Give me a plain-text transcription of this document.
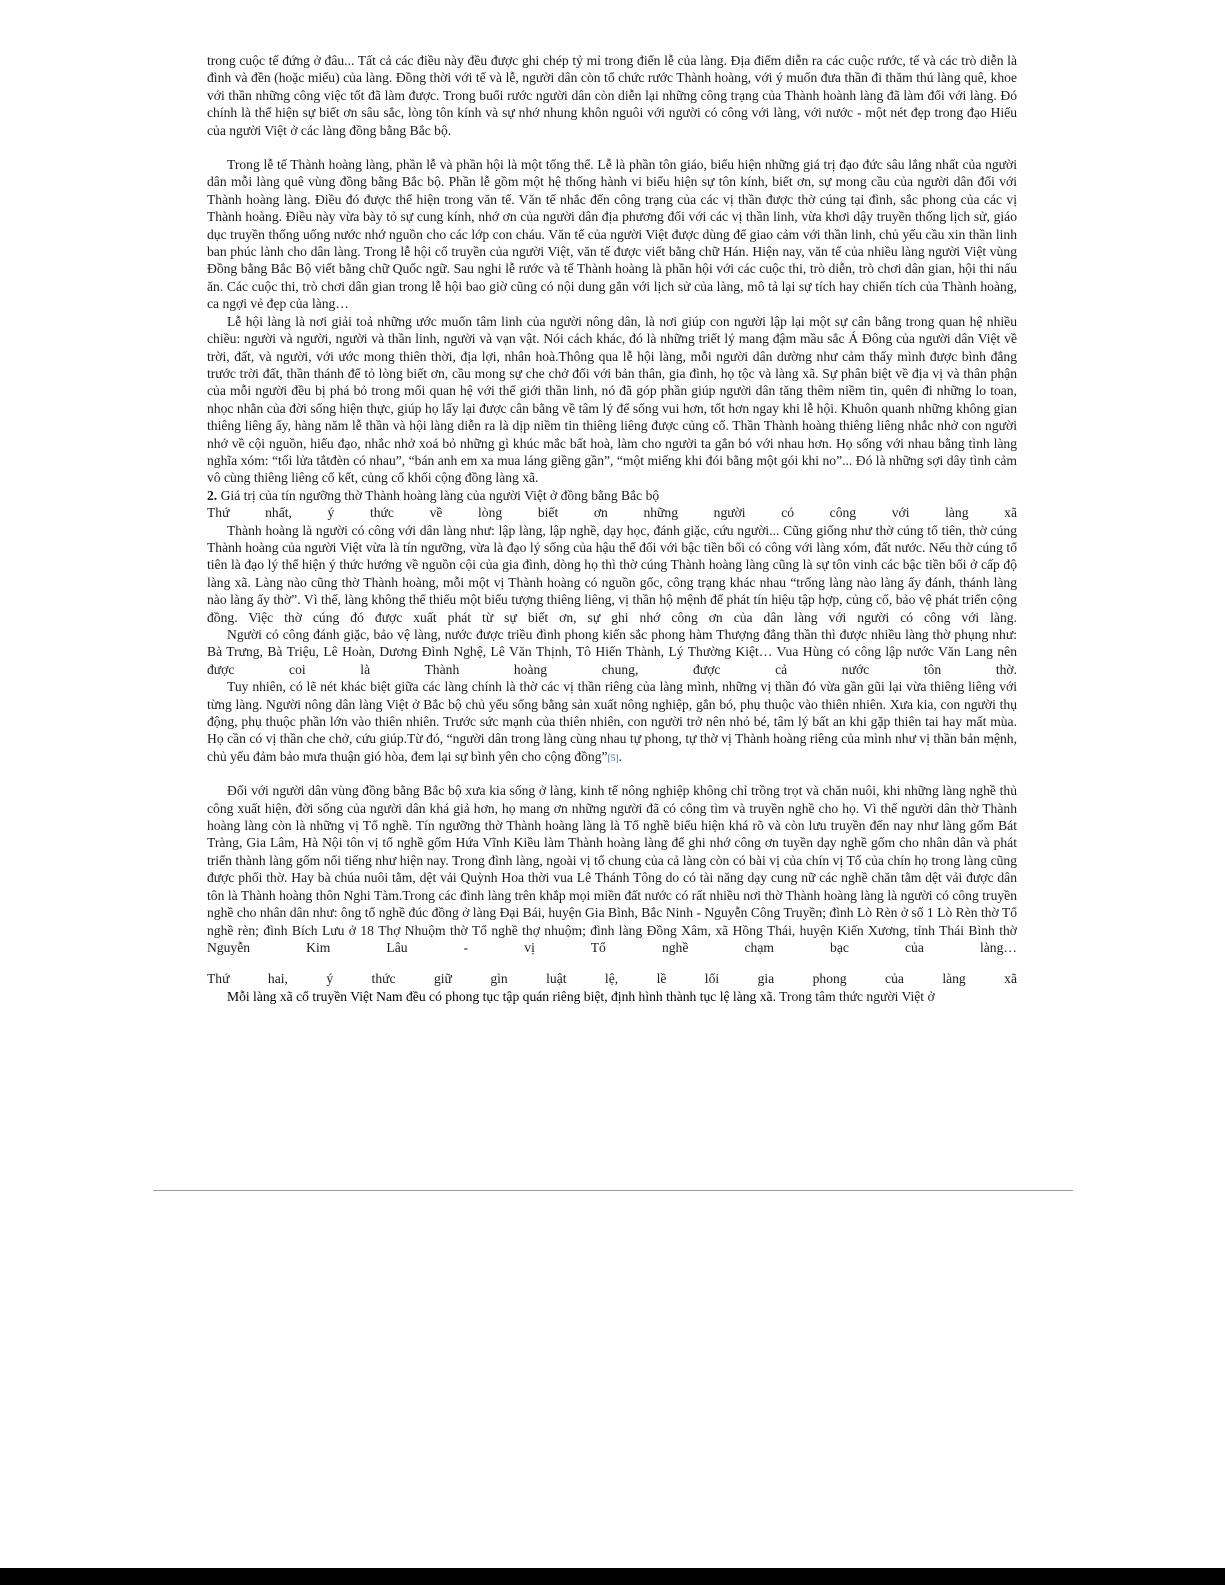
trong cuộc tế đứng ở đâu... Tất cả các điều này đều được ghi chép tỷ mỉ trong điển lễ của làng. Địa điểm diễn ra các cuộc rước, tế và các trò diễn là đình và đền (hoặc miếu) của làng. Đồng thời với tế và lễ, người dân còn tổ chức rước Thành hoàng, với ý muốn đưa thần đi thăm thú làng quê, khoe với thần những công việc tốt đã làm được. Trong buổi rước người dân còn diễn lại những công trạng của Thành hoành làng đã làm đối với làng. Đó chính là thể hiện sự biết ơn sâu sắc, lòng tôn kính và sự nhớ nhung khôn nguôi với người có công với làng, với nước - một nét đẹp trong đạo Hiếu của người Việt ở các làng đồng bằng Bắc bộ.

Trong lễ tế Thành hoàng làng, phần lễ và phần hội là một tổng thể. Lễ là phần tôn giáo, biểu hiện những giá trị đạo đức sâu lắng nhất của người dân mỗi làng quê vùng đồng bằng Bắc bộ. Phần lễ gồm một hệ thống hành vi biểu hiện sự tôn kính, biết ơn, sự mong cầu của người dân đối với Thành hoàng làng. Điều đó được thể hiện trong văn tế. Văn tế nhắc đến công trạng của các vị thần được thờ cúng tại đình, sắc phong của các vị Thành hoàng. Điều này vừa bày tỏ sự cung kính, nhớ ơn của người dân địa phương đối với các vị thần linh, vừa khơi dậy truyền thống lịch sử, giáo dục truyền thống uống nước nhớ nguồn cho các lớp con cháu. Văn tế của người Việt được dùng để giao cảm với thần linh, chủ yếu cầu xin thần linh ban phúc lành cho dân làng. Trong lễ hội cổ truyền của người Việt, văn tế được viết bằng chữ Hán. Hiện nay, văn tế của nhiều làng người Việt vùng Đồng bằng Bắc Bộ viết bằng chữ Quốc ngữ. Sau nghi lễ rước và tế Thành hoàng là phần hội với các cuộc thi, trò diễn, trò chơi dân gian, hội thi nấu ăn. Các cuộc thi, trò chơi dân gian trong lễ hội bao giờ cũng có nội dung gắn với lịch sử của làng, mô tả lại sự tích hay chiến tích của Thành hoàng, ca ngợi vẻ đẹp của làng…

Lễ hội làng là nơi giải toả những ước muốn tâm linh của người nông dân, là nơi giúp con người lập lại một sự cân bằng trong quan hệ nhiều chiều: người và người, người và thần linh, người và vạn vật. Nói cách khác, đó là những triết lý mang đậm mầu sắc Á Đông của người dân Việt về trời, đất, và người, với ước mong thiên thời, địa lợi, nhân hoà.Thông qua lễ hội làng, mỗi người dân dường như cảm thấy mình được bình đẳng trước trời đất, thần thánh để tỏ lòng biết ơn, cầu mong sự che chở đối với bản thân, gia đình, họ tộc và làng xã. Sự phân biệt về địa vị và thân phận của mỗi người đều bị phá bỏ trong mối quan hệ với thế giới thần linh, nó đã góp phần giúp người dân tăng thêm niềm tin, quên đi những lo toan, nhọc nhằn của đời sống hiện thực, giúp họ lấy lại được cân bằng về tâm lý để sống vui hơn, tốt hơn ngay khi lễ hội. Khuôn quanh những không gian thiêng liêng ấy, hàng năm lễ thần và hội làng diễn ra là dịp niềm tin thiêng liêng được củng cố. Thần Thành hoàng thiêng liêng nhắc nhở con người nhớ về cội nguồn, hiếu đạo, nhắc nhở xoá bỏ những gì khúc mắc bất hoà, làm cho người ta gắn bó với nhau hơn. Họ sống với nhau bằng tình làng nghĩa xóm: “tối lửa tắtđèn có nhau”, “bán anh em xa mua láng giềng gần”, “một miếng khi đói bằng một gói khi no”... Đó là những sợi dây tình cảm vô cùng thiêng liêng cố kết, củng cố khối cộng đồng làng xã.

2. Giá trị của tín ngưỡng thờ Thành hoàng làng của người Việt ở đồng bằng Bắc bộ

Thứ nhất, ý thức về lòng biết ơn những người có công với làng xã

Thành hoàng là người có công với dân làng như: lập làng, lập nghề, dạy học, đánh giặc, cứu người... Cũng giống như thờ cúng tổ tiên, thờ cúng Thành hoàng của người Việt vừa là tín ngưỡng, vừa là đạo lý sống của hậu thế đối với bậc tiền bối có công với làng xóm, đất nước. Nếu thờ cúng tổ tiên là đạo lý thể hiện ý thức hướng về nguồn cội của gia đình, dòng họ thì thờ cúng Thành hoàng làng cũng là sự tôn vinh các bậc tiền bối ở cấp độ làng xã. Làng nào cũng thờ Thành hoàng, mỗi một vị Thành hoàng có nguồn gốc, công trạng khác nhau “trống làng nào làng ấy đánh, thánh làng nào làng ấy thờ”. Vì thế, làng không thể thiếu một biểu tượng thiêng liêng, vị thần hộ mệnh để phát tín hiệu tập hợp, củng cố, bảo vệ phát triển cộng đồng. Việc thờ cúng đó được xuất phát từ sự biết ơn, sự ghi nhớ công ơn của dân làng với người có công với làng.

Người có công đánh giặc, bảo vệ làng, nước được triều đình phong kiến sắc phong hàm Thượng đẳng thần thì được nhiều làng thờ phụng như: Bà Trưng, Bà Triệu, Lê Hoàn, Dương Đình Nghệ, Lê Văn Thịnh, Tô Hiến Thành, Lý Thường Kiệt… Vua Hùng có công lập nước Văn Lang nên được coi là Thành hoàng chung, được cả nước tôn thờ.

Tuy nhiên, có lẽ nét khác biệt giữa các làng chính là thờ các vị thần riêng của làng mình, những vị thần đó vừa gần gũi lại vừa thiêng liêng với từng làng. Người nông dân làng Việt ở Bắc bộ chủ yếu sống bằng sản xuất nông nghiệp, gắn bó, phụ thuộc vào thiên nhiên. Xưa kia, con người thụ động, phụ thuộc phần lớn vào thiên nhiên. Trước sức mạnh của thiên nhiên, con người trở nên nhỏ bé, tâm lý bất an khi gặp thiên tai hay mất mùa. Họ cần có vị thần che chở, cứu giúp.Từ đó, “người dân trong làng cùng nhau tự phong, tự thờ vị Thành hoàng riêng của mình như vị thần bản mệnh, chủ yếu đảm bảo mưa thuận gió hòa, đem lại sự bình yên cho cộng đồng”[5].

Đối với người dân vùng đồng bằng Bắc bộ xưa kia sống ở làng, kinh tế nông nghiệp không chỉ trồng trọt và chăn nuôi, khi những làng nghề thủ công xuất hiện, đời sống của người dân khá giả hơn, họ mang ơn những người đã có công tìm và truyền nghề cho họ. Vì thế người dân thờ Thành hoàng làng còn là những vị Tổ nghề. Tín ngưỡng thờ Thành hoàng làng là Tổ nghề biểu hiện khá rõ và còn lưu truyền đến nay như làng gốm Bát Tràng, Gia Lâm, Hà Nội tôn vị tổ nghề gốm Hứa Vĩnh Kiều làm Thành hoàng làng để ghi nhớ công ơn tuyền dạy nghề gốm cho nhân dân và phát triển thành làng gốm nổi tiếng như hiện nay. Trong đình làng, ngoài vị tổ chung của cả làng còn có bài vị của chín vị Tổ của chín họ trong làng cũng được phối thờ. Hay bà chúa nuôi tằm, dệt vải Quỳnh Hoa thời vua Lê Thánh Tông do có tài năng dạy cung nữ các nghề chăn tằm dệt vải được dân tôn là Thành hoàng thôn Nghi Tàm.Trong các đình làng trên khắp mọi miền đất nước có rất nhiều nơi thờ Thành hoàng làng là người có công truyền nghề cho nhân dân như: ông tổ nghề đúc đồng ở làng Đại Bái, huyện Gia Bình, Bắc Ninh - Nguyễn Công Truyền; đình Lò Rèn ở số 1 Lò Rèn thờ Tổ nghề rèn; đình Bích Lưu ở 18 Thợ Nhuộm thờ Tổ nghề thợ nhuộm; đình làng Đồng Xâm, xã Hồng Thái, huyện Kiến Xương, tỉnh Thái Bình thờ Nguyễn Kim Lâu - vị Tổ nghề chạm bạc của làng…

Thứ hai, ý thức giữ gìn luật lệ, lề lối gia phong của làng xã

Mỗi làng xã cổ truyền Việt Nam đều có phong tục tập quán riêng biệt, định hình thành tục lệ làng xã. Trong tâm thức người Việt ở
